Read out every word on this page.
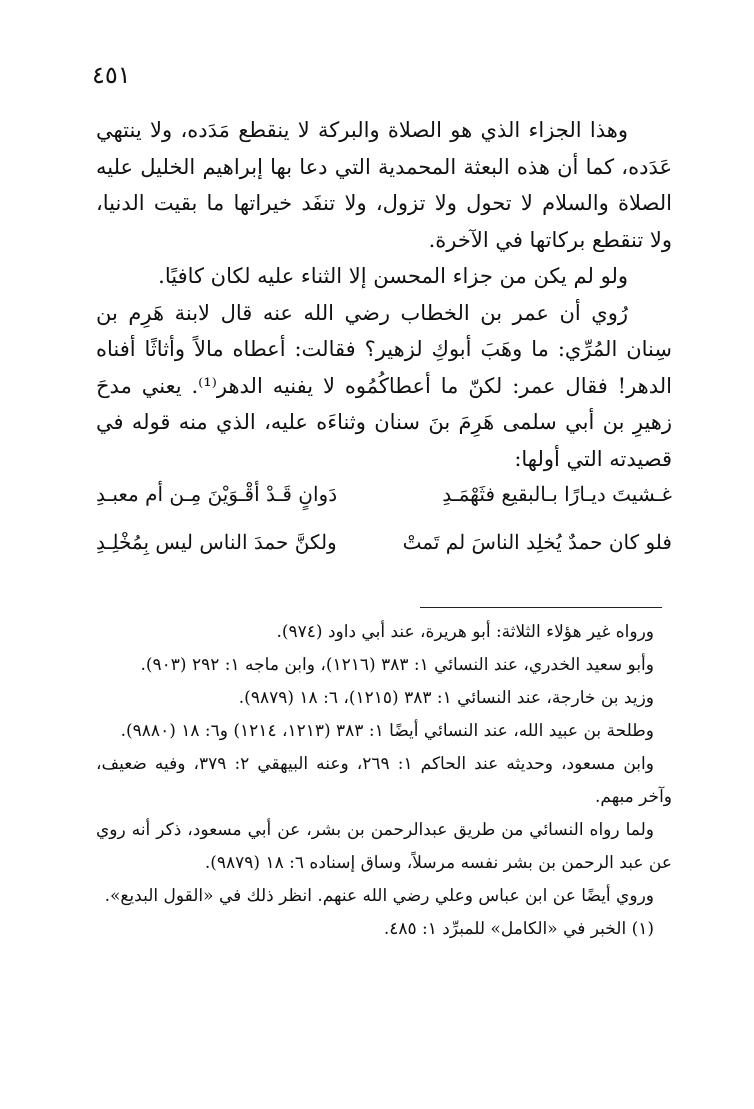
٤٥١

وهذا الجزاء الذي هو الصلاة والبركة لا ينقطع مَدَده، ولا ينتهي عَدَده، كما أن هذه البعثة المحمدية التي دعا بها إبراهيم الخليل عليه الصلاة والسلام لا تحول ولا تزول، ولا تنفَد خيراتها ما بقيت الدنيا، ولا تنقطع بركاتها في الآخرة.

ولو لم يكن من جزاء المحسن إلا الثناء عليه لكان كافيًا.

رُوي أن عمر بن الخطاب رضي الله عنه قال لابنة هَرِم بن سِنان المُرِّي: ما وهَبَ أبوكِ لزهير؟ فقالت: أعطاه مالاً وأثاثًا أفناه الدهر! فقال عمر: لكنّ ما أعطاكُمُوه لا يفنيه الدهر⁽¹⁾. يعني مدحَ زهيرِ بن أبي سلمى هَرِمَ بنَ سنان وثناءَه عليه، الذي منه قوله في قصيدته التي أولها:

غـشيتَ ديـارًا بـالبقيع فثَهْمَـدِ
دَوانٍ قَـدْ أقْـوَيْنَ مِـن أم معبـدِ
فلو كان حمدٌ يُخلِد الناسَ لم تَمتْ
ولكنَّ حمدَ الناس ليس بِمُخْلِـدِ

ورواه غير هؤلاء الثلاثة: أبو هريرة، عند أبي داود (٩٧٤).

وأبو سعيد الخدري، عند النسائي ١: ٣٨٣ (١٢١٦)، وابن ماجه ١: ٢٩٢ (٩٠٣).

وزيد بن خارجة، عند النسائي ١: ٣٨٣ (١٢١٥)، ٦: ١٨ (٩٨٧٩).

وطلحة بن عبيد الله، عند النسائي أيضًا ١: ٣٨٣ (١٢١٣، ١٢١٤) و٦: ١٨ (٩٨٨٠).

وابن مسعود، وحديثه عند الحاكم ١: ٢٦٩، وعنه البيهقي ٢: ٣٧٩، وفيه ضعيف، وآخر مبهم.

ولما رواه النسائي من طريق عبدالرحمن بن بشر، عن أبي مسعود، ذكر أنه روي عن عبد الرحمن بن بشر نفسه مرسلاً، وساق إسناده ٦: ١٨ (٩٨٧٩).

وروي أيضًا عن ابن عباس وعلي رضي الله عنهم. انظر ذلك في «القول البديع».

(١) الخبر في «الكامل» للمبرِّد ١: ٤٨٥.
